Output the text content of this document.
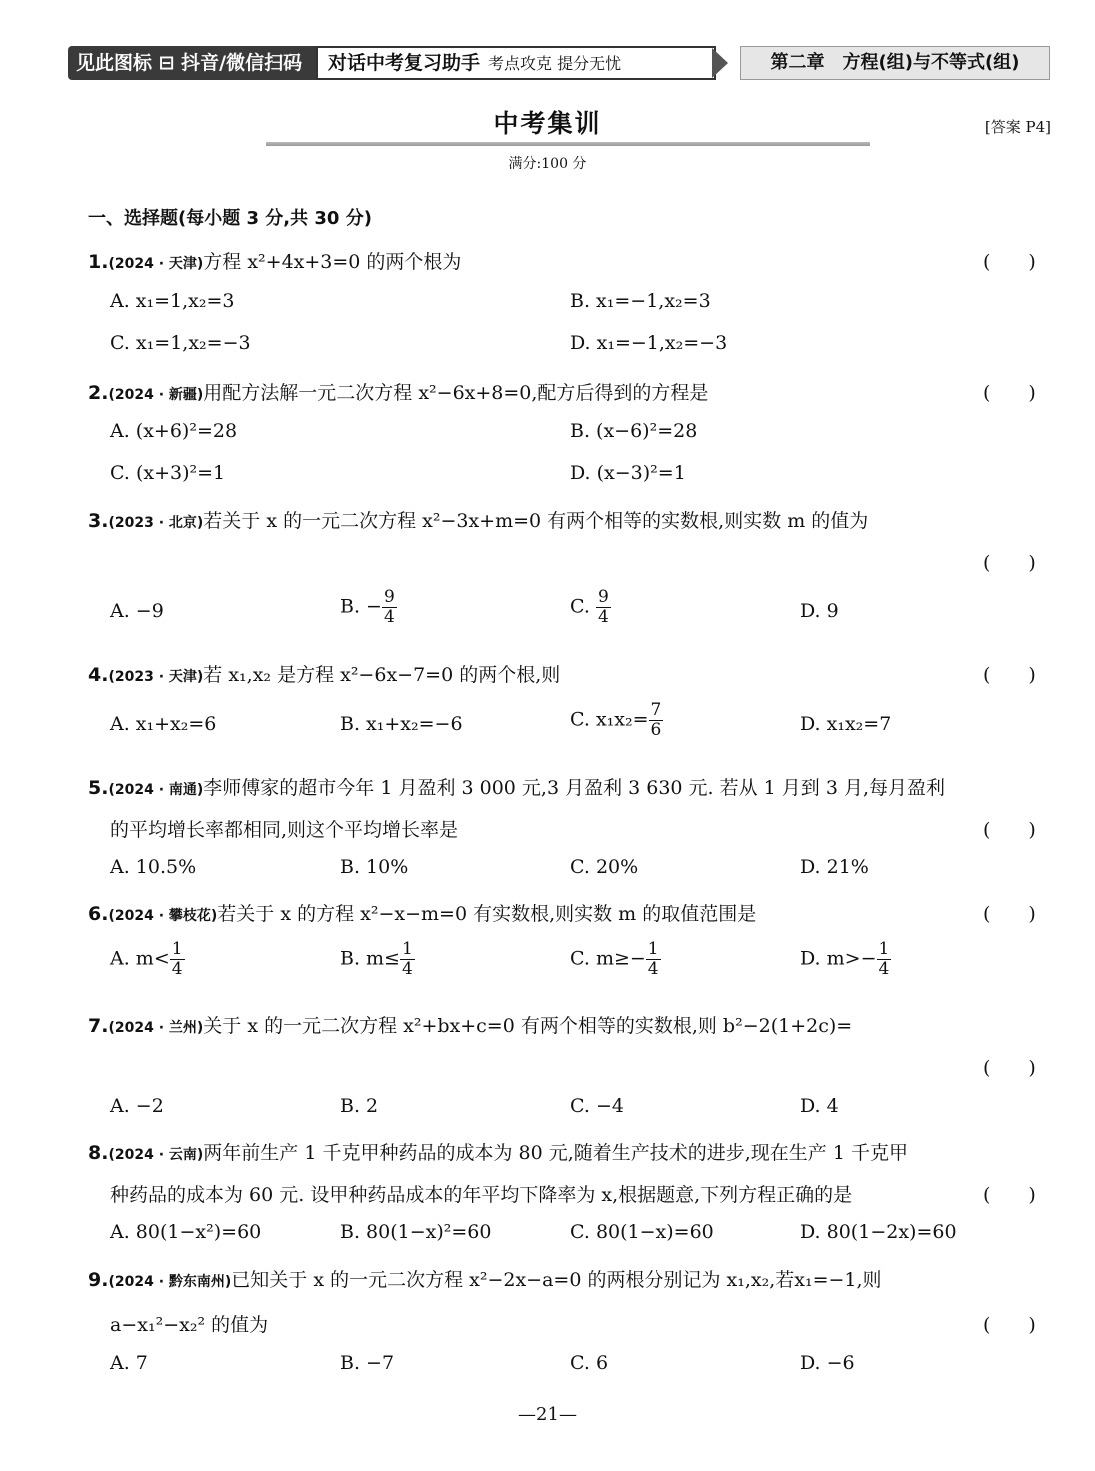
见此图标 ⊟ 抖音/微信扫码	对话中考复习助手 考点攻克 提分无忧	第二章　方程(组)与不等式(组)
中考集训	[答案 P4]
满分:100 分
一、选择题(每小题 3 分,共 30 分)
1.(2024 · 天津)方程 x²+4x+3=0 的两个根为	(　　)
A. x₁=1,x₂=3	B. x₁=−1,x₂=3
C. x₁=1,x₂=−3	D. x₁=−1,x₂=−3
2.(2024 · 新疆)用配方法解一元二次方程 x²−6x+8=0,配方后得到的方程是	(　　)
A. (x+6)²=28	B. (x−6)²=28
C. (x+3)²=1	D. (x−3)²=1
3.(2023 · 北京)若关于 x 的一元二次方程 x²−3x+m=0 有两个相等的实数根,则实数 m 的值为
(　　)
A. −9	B. − $\frac{9}{4}$	C. $\frac{9}{4}$	D. 9
4.(2023 · 天津)若 x₁,x₂ 是方程 x²−6x−7=0 的两个根,则	(　　)
A. x₁+x₂=6	B. x₁+x₂=−6	C. $x_1x_2= \frac{7}{6}$	D. x₁x₂=7
5.(2024 · 南通)李师傅家的超市今年 1 月盈利 3 000 元,3 月盈利 3 630 元. 若从 1 月到 3 月,每月盈利
的平均增长率都相同,则这个平均增长率是	(　　)
A. 10.5%	B. 10%	C. 20%	D. 21%
6.(2024 · 攀枝花)若关于 x 的方程 x²−x−m=0 有实数根,则实数 m 的取值范围是	(　　)
A. $m< \frac{1}{4}$	B. $m\le \frac{1}{4}$	C. $m\ge- \frac{1}{4}$	D. $m>- \frac{1}{4}$
7.(2024 · 兰州)关于 x 的一元二次方程 x²+bx+c=0 有两个相等的实数根,则 b²−2(1+2c)=
(　　)
A. −2	B. 2	C. −4	D. 4
8.(2024 · 云南)两年前生产 1 千克甲种药品的成本为 80 元,随着生产技术的进步,现在生产 1 千克甲
种药品的成本为 60 元. 设甲种药品成本的年平均下降率为 x,根据题意,下列方程正确的是	(　　)
A. 80(1−x²)=60	B. 80(1−x)²=60	C. 80(1−x)=60	D. 80(1−2x)=60
9.(2024 · 黔东南州)已知关于 x 的一元二次方程 x²−2x−a=0 的两根分别记为 x₁,x₂,若x₁=−1,则
a−x₁²−x₂² 的值为	(　　)
A. 7	B. −7	C. 6	D. −6
—21—
